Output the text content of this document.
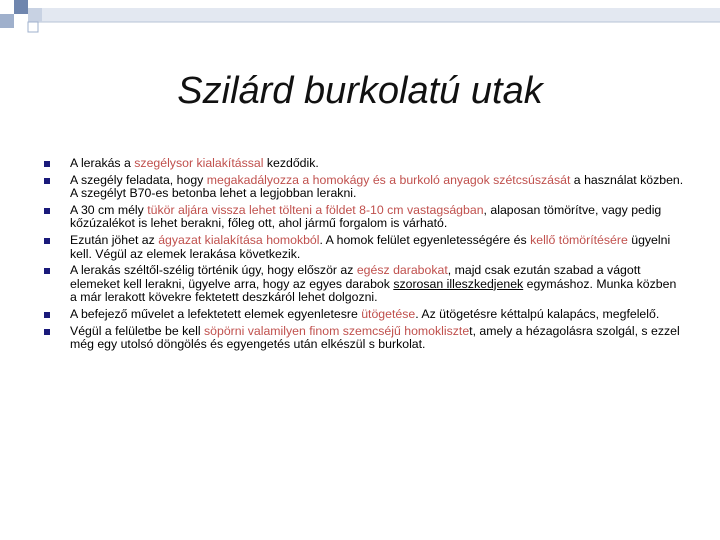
Szilárd burkolatú utak
A lerakás a szegélysor kialakítással kezdődik.
A szegély feladata, hogy megakadályozza a homokágy és a burkoló anyagok szétcsúszását a használat közben. A szegélyt B70-es betonba lehet a legjobban lerakni.
A 30 cm mély tükör aljára vissza lehet tölteni a földet 8-10 cm vastagságban, alaposan tömörítve, vagy pedig kőzúzalékot is lehet berakni, főleg ott, ahol jármű forgalom is várható.
Ezután jöhet az ágyazat kialakítása homokból. A homok felület egyenletességére és kellő tömörítésére ügyelni kell. Végül az elemek lerakása következik.
A lerakás széltől-szélig történik úgy, hogy először az egész darabokat, majd csak ezután szabad a vágott elemeket kell lerakni, ügyelve arra, hogy az egyes darabok szorosan illeszkedjenek egymáshoz. Munka közben a már lerakott kövekre fektetett deszkáról lehet dolgozni.
A befejező művelet a lefektetett elemek egyenletesre ütögetése. Az ütögetésre kéttalpú kalapács, megfelelő.
Végül a felületbe be kell söpörni valamilyen finom szemcséjű homoklisztet, amely a hézagolásra szolgál, s ezzel még egy utolsó döngölés és egyengetés után elkészül s burkolat.
